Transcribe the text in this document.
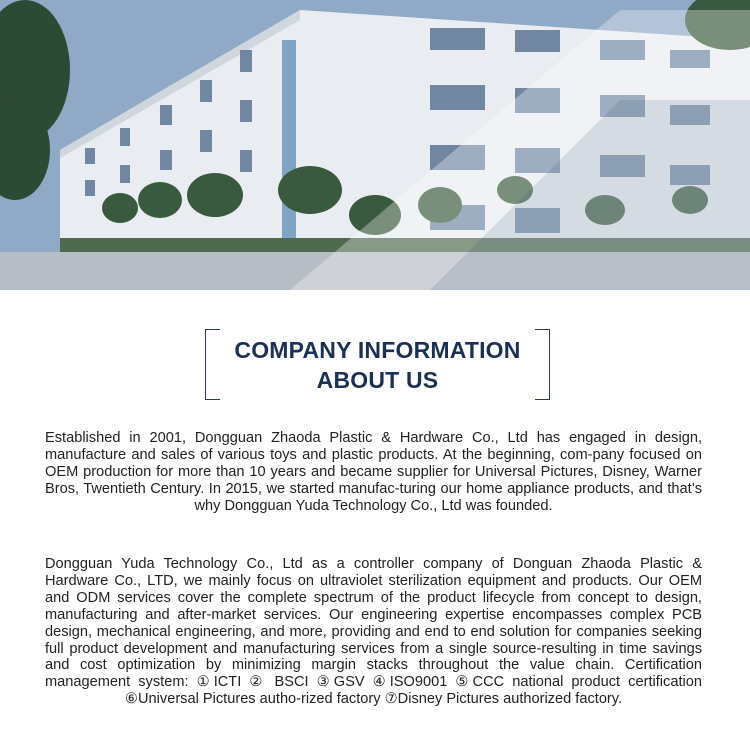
COMPANY INFORMATION
ABOUT US
Established in 2001, Dongguan Zhaoda Plastic & Hardware Co., Ltd has engaged in design, manufacture and sales of various toys and plastic products. At the beginning, com-pany focused on OEM production for more than 10 years and became supplier for Universal Pictures, Disney, Warner Bros, Twentieth Century. In 2015, we started manufac-turing our home appliance products, and that’s why Dongguan Yuda Technology Co., Ltd was founded.
Dongguan Yuda Technology Co., Ltd as a controller company of Donguan Zhaoda Plastic & Hardware Co., LTD, we mainly focus on ultraviolet sterilization equipment and products. Our OEM and ODM services cover the complete spectrum of the product lifecycle from concept to design, manufacturing and after-market services. Our engineering expertise encompasses complex PCB design, mechanical engineering, and more, providing and end to end solution for companies seeking full product development and manufacturing services from a single source-resulting in time savings and cost optimization by minimizing margin stacks throughout the value chain. Certification management system: ①ICTI ② BSCI ③GSV ④ISO9001 ⑤CCC national product certification ⑥Universal Pictures autho-rized factory ⑦Disney Pictures authorized factory.
